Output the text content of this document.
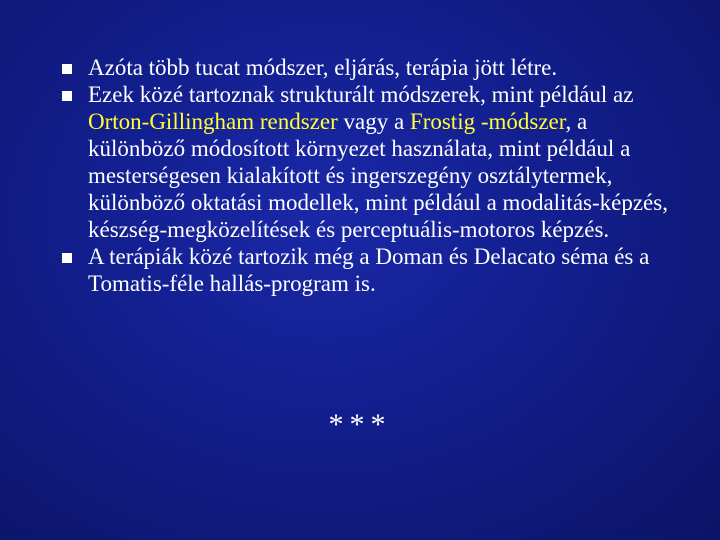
Azóta több tucat módszer, eljárás, terápia jött létre.
Ezek közé tartoznak strukturált módszerek, mint például az Orton-Gillingham rendszer vagy a Frostig -módszer, a különböző módosított környezet használata, mint például a mesterségesen kialakított és ingerszegény osztálytermek, különböző oktatási modellek, mint például a modalitás-képzés, készség-megközelítések és perceptuális-motoros képzés.
A terápiák közé tartozik még a Doman és Delacato séma és a Tomatis-féle hallás-program is.
***
